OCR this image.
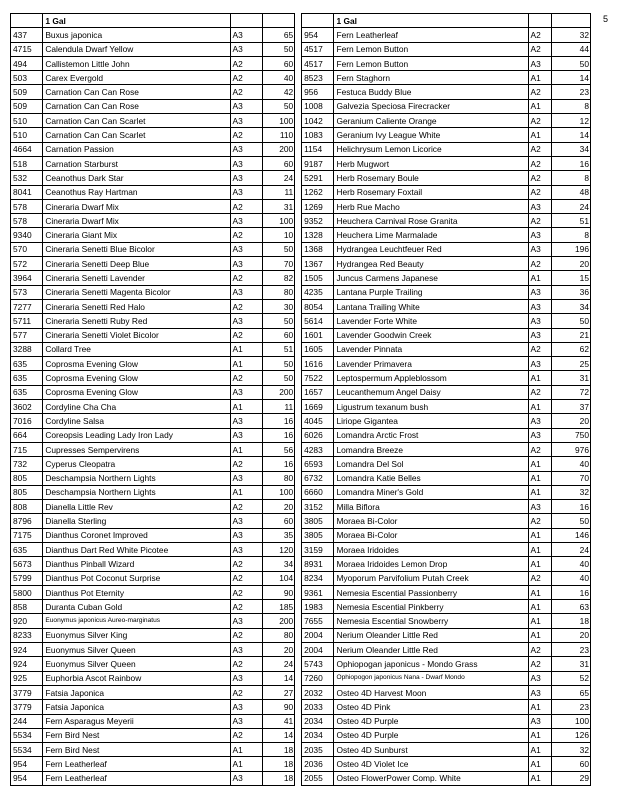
5
	1 Gal					1 Gal		
437	Buxus japonica	A3	65		954	Fern Leatherleaf	A2	32
4715	Calendula Dwarf Yellow	A3	50		4517	Fern Lemon Button	A2	44
494	Callistemon Little John	A2	60		4517	Fern Lemon Button	A3	50
503	Carex Evergold	A2	40		8523	Fern Staghorn	A1	14
509	Carnation Can Can Rose	A2	42		956	Festuca Buddy Blue	A2	23
509	Carnation Can Can Rose	A3	50		1008	Galvezia Speciosa Firecracker	A1	8
510	Carnation Can Can Scarlet	A3	100		1042	Geranium Caliente Orange	A2	12
510	Carnation Can Can Scarlet	A2	110		1083	Geranium Ivy League White	A1	14
4664	Carnation Passion	A3	200		1154	Helichrysum Lemon Licorice	A2	34
518	Carnation Starburst	A3	60		9187	Herb Mugwort	A2	16
532	Ceanothus Dark Star	A3	24		5291	Herb Rosemary Boule	A2	8
8041	Ceanothus Ray Hartman	A3	11		1262	Herb Rosemary Foxtail	A2	48
578	Cineraria Dwarf Mix	A2	31		1269	Herb Rue Macho	A3	24
578	Cineraria Dwarf Mix	A3	100		9352	Heuchera Carnival Rose Granita	A2	51
9340	Cineraria Giant Mix	A2	10		1328	Heuchera Lime Marmalade	A3	8
570	Cineraria Senetti Blue Bicolor	A3	50		1368	Hydrangea Leuchtfeuer Red	A3	196
572	Cineraria Senetti Deep Blue	A3	70		1367	Hydrangea Red Beauty	A2	20
3964	Cineraria Senetti Lavender	A2	82		1505	Juncus Carmens Japanese	A1	15
573	Cineraria Senetti Magenta Bicolor	A3	80		4235	Lantana Purple Trailing	A3	36
7277	Cineraria Senetti Red Halo	A2	30		8054	Lantana Trailing White	A3	34
5711	Cineraria Senetti Ruby Red	A3	50		5614	Lavender Forte White	A3	50
577	Cineraria Senetti Violet Bicolor	A2	60		1601	Lavender Goodwin Creek	A3	21
3288	Collard Tree	A1	51		1605	Lavender Pinnata	A2	62
635	Coprosma Evening Glow	A1	50		1616	Lavender Primavera	A3	25
635	Coprosma Evening Glow	A2	50		7522	Leptospermum Appleblossom	A1	31
635	Coprosma Evening Glow	A3	200		1657	Leucanthemum Angel Daisy	A2	72
3602	Cordyline Cha Cha	A1	11		1669	Ligustrum texanum bush	A1	37
7016	Cordyline Salsa	A3	16		4045	Liriope Gigantea	A3	20
664	Coreopsis Leading Lady Iron Lady	A3	16		6026	Lomandra Arctic Frost	A3	750
715	Cupresses Sempervirens	A1	56		4283	Lomandra Breeze	A2	976
732	Cyperus Cleopatra	A2	16		6593	Lomandra Del Sol	A1	40
805	Deschampsia Northern Lights	A3	80		6732	Lomandra Katie Belles	A1	70
805	Deschampsia Northern Lights	A1	100		6660	Lomandra Miner's Gold	A1	32
808	Dianella Little Rev	A2	20		3152	Milla Biflora	A3	16
8796	Dianella Sterling	A3	60		3805	Moraea Bi-Color	A2	50
7175	Dianthus Coronet Improved	A3	35		3805	Moraea Bi-Color	A1	146
635	Dianthus Dart Red White Picotee	A3	120		3159	Moraea Iridoides	A1	24
5673	Dianthus Pinball Wizard	A2	34		8931	Moraea Iridoides Lemon Drop	A1	40
5799	Dianthus Pot Coconut Surprise	A2	104		8234	Myoporum Parvifolium Putah Creek	A2	40
5800	Dianthus Pot Eternity	A2	90		9361	Nemesia Escential Passionberry	A1	16
858	Duranta Cuban Gold	A2	185		1983	Nemesia Escential Pinkberry	A1	63
920	Euonymus japonicus Aureo-marginatus	A3	200		7655	Nemesia Escential Snowberry	A1	18
8233	Euonymus Silver King	A2	80		2004	Nerium Oleander Little Red	A1	20
924	Euonymus Silver Queen	A3	20		2004	Nerium Oleander Little Red	A2	23
924	Euonymus Silver Queen	A2	24		5743	Ophiopogan japonicus - Mondo Grass	A2	31
925	Euphorbia Ascot Rainbow	A3	14		7260	Ophiopogon japonicus Nana - Dwarf Mondo	A3	52
3779	Fatsia Japonica	A2	27		2032	Osteo 4D Harvest Moon	A3	65
3779	Fatsia Japonica	A3	90		2033	Osteo 4D Pink	A1	23
244	Fern Asparagus Meyerii	A3	41		2034	Osteo 4D Purple	A3	100
5534	Fern Bird Nest	A2	14		2034	Osteo 4D Purple	A1	126
5534	Fern Bird Nest	A1	18		2035	Osteo 4D Sunburst	A1	32
954	Fern Leatherleaf	A1	18		2036	Osteo 4D Violet Ice	A1	60
954	Fern Leatherleaf	A3	18		2055	Osteo FlowerPower Comp. White	A1	29
